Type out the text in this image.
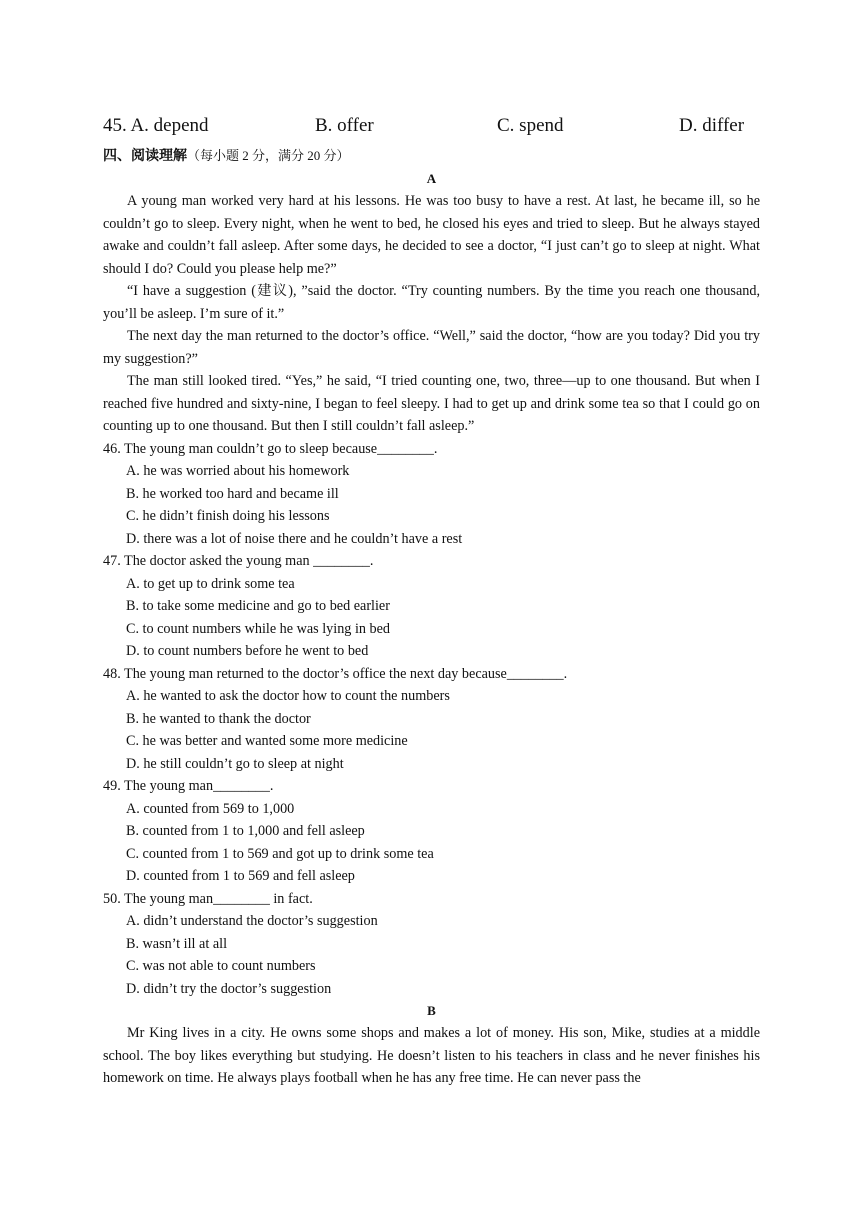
45. A. depend	B. offer	C. spend	D. differ
四、阅读理解（每小题 2 分，满分 20 分）
A

A young man worked very hard at his lessons. He was too busy to have a rest. At last, he became ill, so he couldn’t go to sleep. Every night, when he went to bed, he closed his eyes and tried to sleep. But he always stayed awake and couldn’t fall asleep. After some days, he decided to see a doctor, “I just can’t go to sleep at night. What should I do? Could you please help me?”

“I have a suggestion (建议), ”said the doctor. “Try counting numbers. By the time you reach one thousand, you’ll be asleep. I’m sure of it.”

The next day the man returned to the doctor’s office. “Well,” said the doctor, “how are you today? Did you try my suggestion?”

The man still looked tired. “Yes,” he said, “I tried counting one, two, three—up to one thousand. But when I reached five hundred and sixty-nine, I began to feel sleepy. I had to get up and drink some tea so that I could go on counting up to one thousand. But then I still couldn’t fall asleep.”

46. The young man couldn’t go to sleep because________.
A. he was worried about his homework
B. he worked too hard and became ill
C. he didn’t finish doing his lessons
D. there was a lot of noise there and he couldn’t have a rest
47. The doctor asked the young man ________.
A. to get up to drink some tea
B. to take some medicine and go to bed earlier
C. to count numbers while he was lying in bed
D. to count numbers before he went to bed
48. The young man returned to the doctor’s office the next day because________.
A. he wanted to ask the doctor how to count the numbers
B. he wanted to thank the doctor
C. he was better and wanted some more medicine
D. he still couldn’t go to sleep at night
49. The young man________.
A. counted from 569 to 1,000
B. counted from 1 to 1,000 and fell asleep
C. counted from 1 to 569 and got up to drink some tea
D. counted from 1 to 569 and fell asleep
50. The young man________ in fact.
A. didn’t understand the doctor’s suggestion
B. wasn’t ill at all
C. was not able to count numbers
D. didn’t try the doctor’s suggestion
B

Mr King lives in a city. He owns some shops and makes a lot of money. His son, Mike, studies at a middle school. The boy likes everything but studying. He doesn’t listen to his teachers in class and he never finishes his homework on time. He always plays football when he has any free time. He can never pass the
